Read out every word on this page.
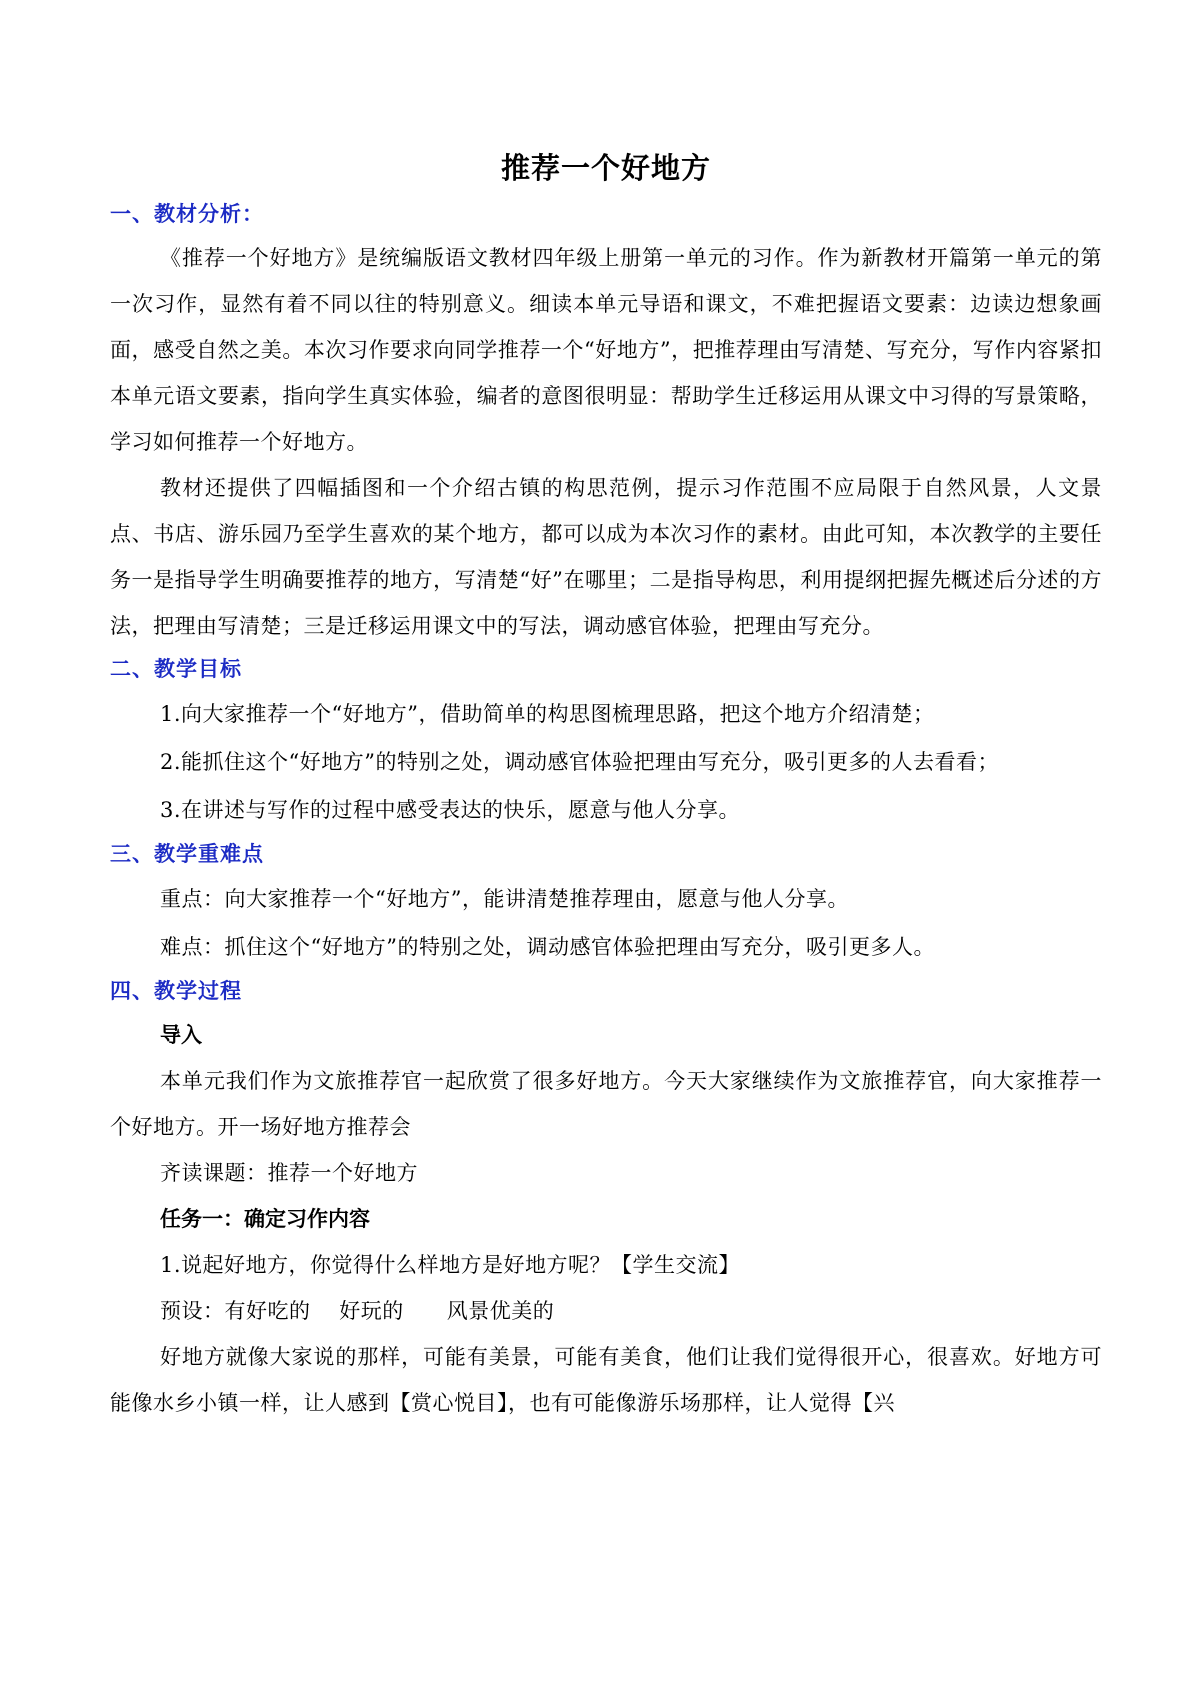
推荐一个好地方
一、教材分析：

《推荐一个好地方》是统编版语文教材四年级上册第一单元的习作。作为新教材开篇第一单元的第一次习作，显然有着不同以往的特别意义。细读本单元导语和课文，不难把握语文要素：边读边想象画面，感受自然之美。本次习作要求向同学推荐一个“好地方”，把推荐理由写清楚、写充分，写作内容紧扣本单元语文要素，指向学生真实体验，编者的意图很明显：帮助学生迁移运用从课文中习得的写景策略，学习如何推荐一个好地方。

教材还提供了四幅插图和一个介绍古镇的构思范例，提示习作范围不应局限于自然风景，人文景点、书店、游乐园乃至学生喜欢的某个地方，都可以成为本次习作的素材。由此可知，本次教学的主要任务一是指导学生明确要推荐的地方，写清楚“好”在哪里；二是指导构思，利用提纲把握先概述后分述的方法，把理由写清楚；三是迁移运用课文中的写法，调动感官体验，把理由写充分。

二、教学目标

1.向大家推荐一个“好地方”，借助简单的构思图梳理思路，把这个地方介绍清楚；

2.能抓住这个“好地方”的特别之处，调动感官体验把理由写充分，吸引更多的人去看看；

3.在讲述与写作的过程中感受表达的快乐，愿意与他人分享。

三、教学重难点

重点：向大家推荐一个“好地方”，能讲清楚推荐理由，愿意与他人分享。

难点：抓住这个“好地方”的特别之处，调动感官体验把理由写充分，吸引更多人。

四、教学过程
导入

本单元我们作为文旅推荐官一起欣赏了很多好地方。今天大家继续作为文旅推荐官，向大家推荐一个好地方。开一场好地方推荐会

齐读课题：推荐一个好地方

任务一：确定习作内容

1.说起好地方，你觉得什么样地方是好地方呢？【学生交流】

预设：有好吃的 好玩的 风景优美的

好地方就像大家说的那样，可能有美景，可能有美食，他们让我们觉得很开心，很喜欢。好地方可能像水乡小镇一样，让人感到【赏心悦目】，也有可能像游乐场那样，让人觉得【兴
